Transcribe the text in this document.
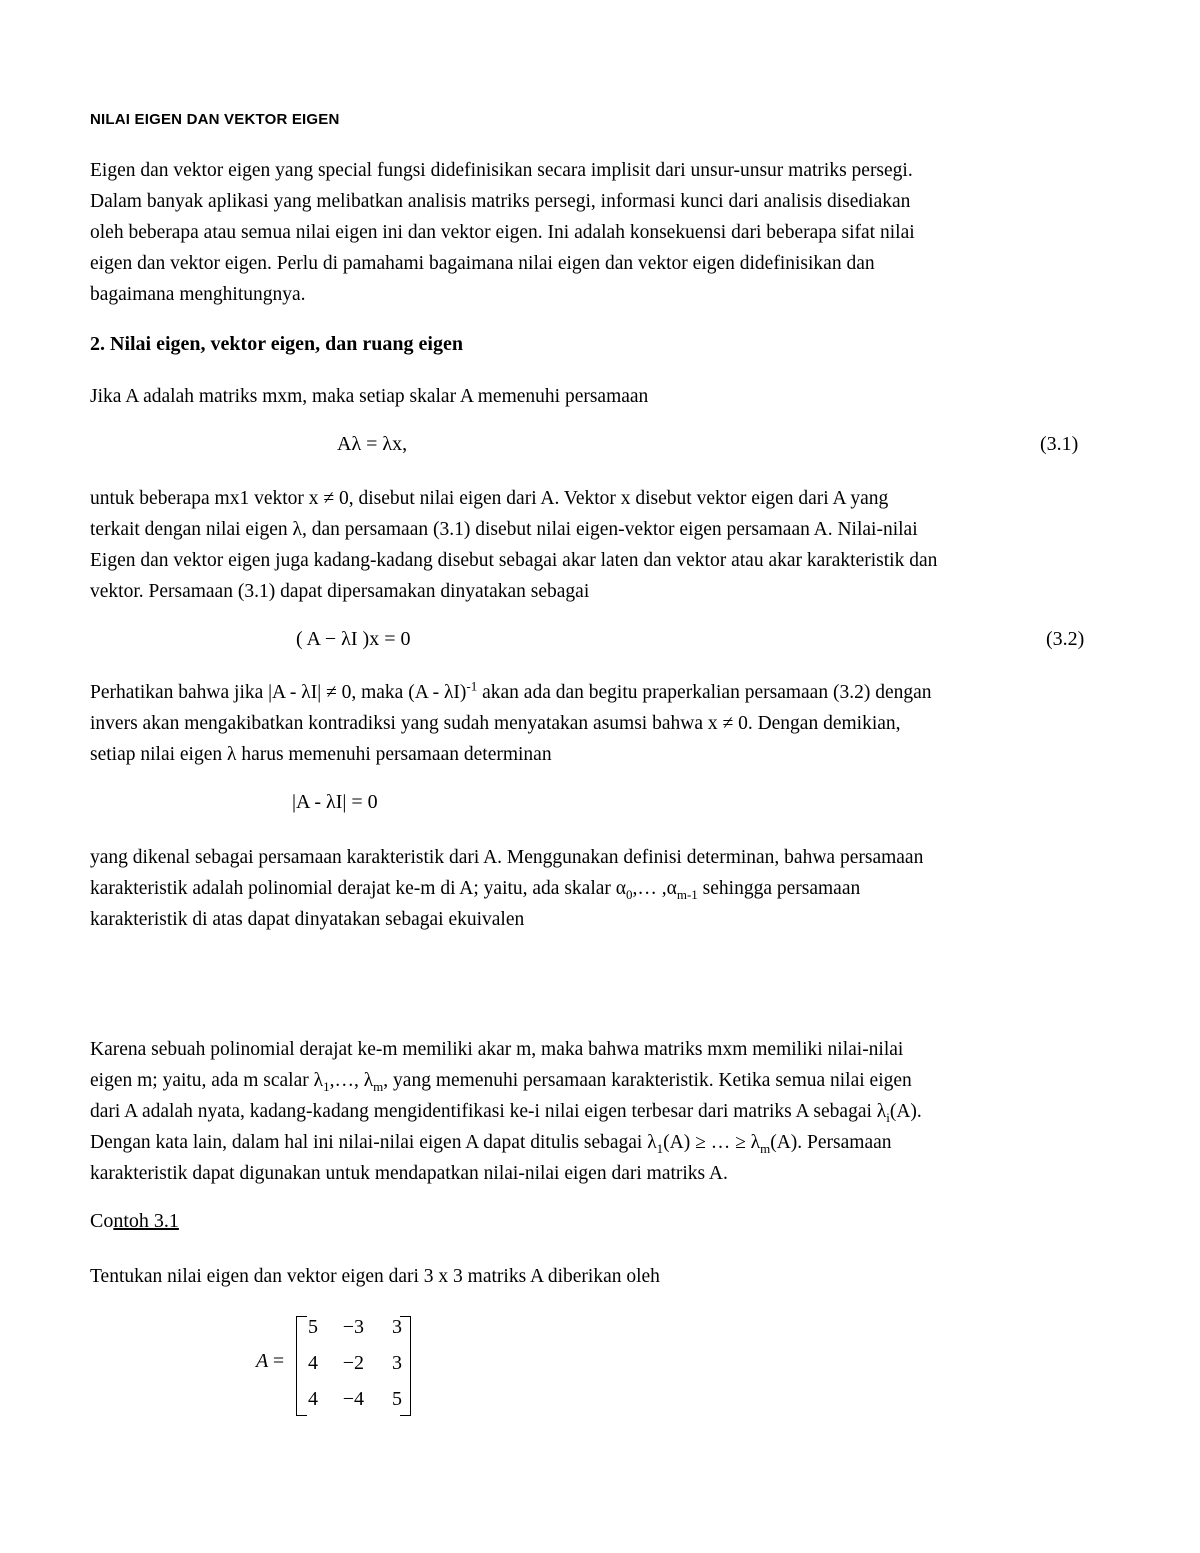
NILAI EIGEN DAN VEKTOR EIGEN
Eigen dan vektor eigen yang special fungsi didefinisikan secara implisit dari unsur-unsur matriks persegi.
Dalam banyak aplikasi yang melibatkan analisis matriks persegi, informasi kunci dari analisis disediakan
oleh beberapa atau semua nilai eigen ini dan vektor eigen. Ini adalah konsekuensi dari beberapa sifat nilai
eigen dan vektor eigen. Perlu di pamahami bagaimana nilai eigen dan vektor eigen didefinisikan dan
bagaimana menghitungnya.
2. Nilai eigen, vektor eigen, dan ruang eigen
Jika A adalah matriks mxm, maka setiap skalar A memenuhi persamaan
Aλ = λx,	(3.1)
untuk beberapa mx1 vektor x ≠ 0, disebut nilai eigen dari A. Vektor x disebut vektor eigen dari A yang
terkait dengan nilai eigen λ, dan persamaan (3.1) disebut nilai eigen-vektor eigen persamaan A. Nilai-nilai
Eigen dan vektor eigen juga kadang-kadang disebut sebagai akar laten dan vektor atau akar karakteristik dan
vektor. Persamaan (3.1) dapat dipersamakan dinyatakan sebagai
( A − λI )x = 0	(3.2)
Perhatikan bahwa jika |A - λI| ≠ 0, maka (A - λI)$^{-1}$ akan ada dan begitu praperkalian persamaan (3.2) dengan
invers akan mengakibatkan kontradiksi yang sudah menyatakan asumsi bahwa x ≠ 0. Dengan demikian,
setiap nilai eigen λ harus memenuhi persamaan determinan
|A - λI| = 0
yang dikenal sebagai persamaan karakteristik dari A. Menggunakan definisi determinan, bahwa persamaan
karakteristik adalah polinomial derajat ke-m di A; yaitu, ada skalar $\alpha_0,\dots$ $,\alpha_{m-1}$ sehingga persamaan
karakteristik di atas dapat dinyatakan sebagai ekuivalen
Karena sebuah polinomial derajat ke-m memiliki akar m, maka bahwa matriks mxm memiliki nilai-nilai
eigen m; yaitu, ada m scalar $\lambda_1,\dots$, $\lambda_m$, yang memenuhi persamaan karakteristik. Ketika semua nilai eigen
dari A adalah nyata, kadang-kadang mengidentifikasi ke-i nilai eigen terbesar dari matriks A sebagai $\lambda_i(A)$.
Dengan kata lain, dalam hal ini nilai-nilai eigen A dapat ditulis sebagai $\lambda_1(A)$ ≥ … ≥ $\lambda_m(A)$. Persamaan
karakteristik dapat digunakan untuk mendapatkan nilai-nilai eigen dari matriks A.
Contoh 3.1
Tentukan nilai eigen dan vektor eigen dari 3 x 3 matriks A diberikan oleh
A =
5	−3	3
4	−2	3
4	−4	5
